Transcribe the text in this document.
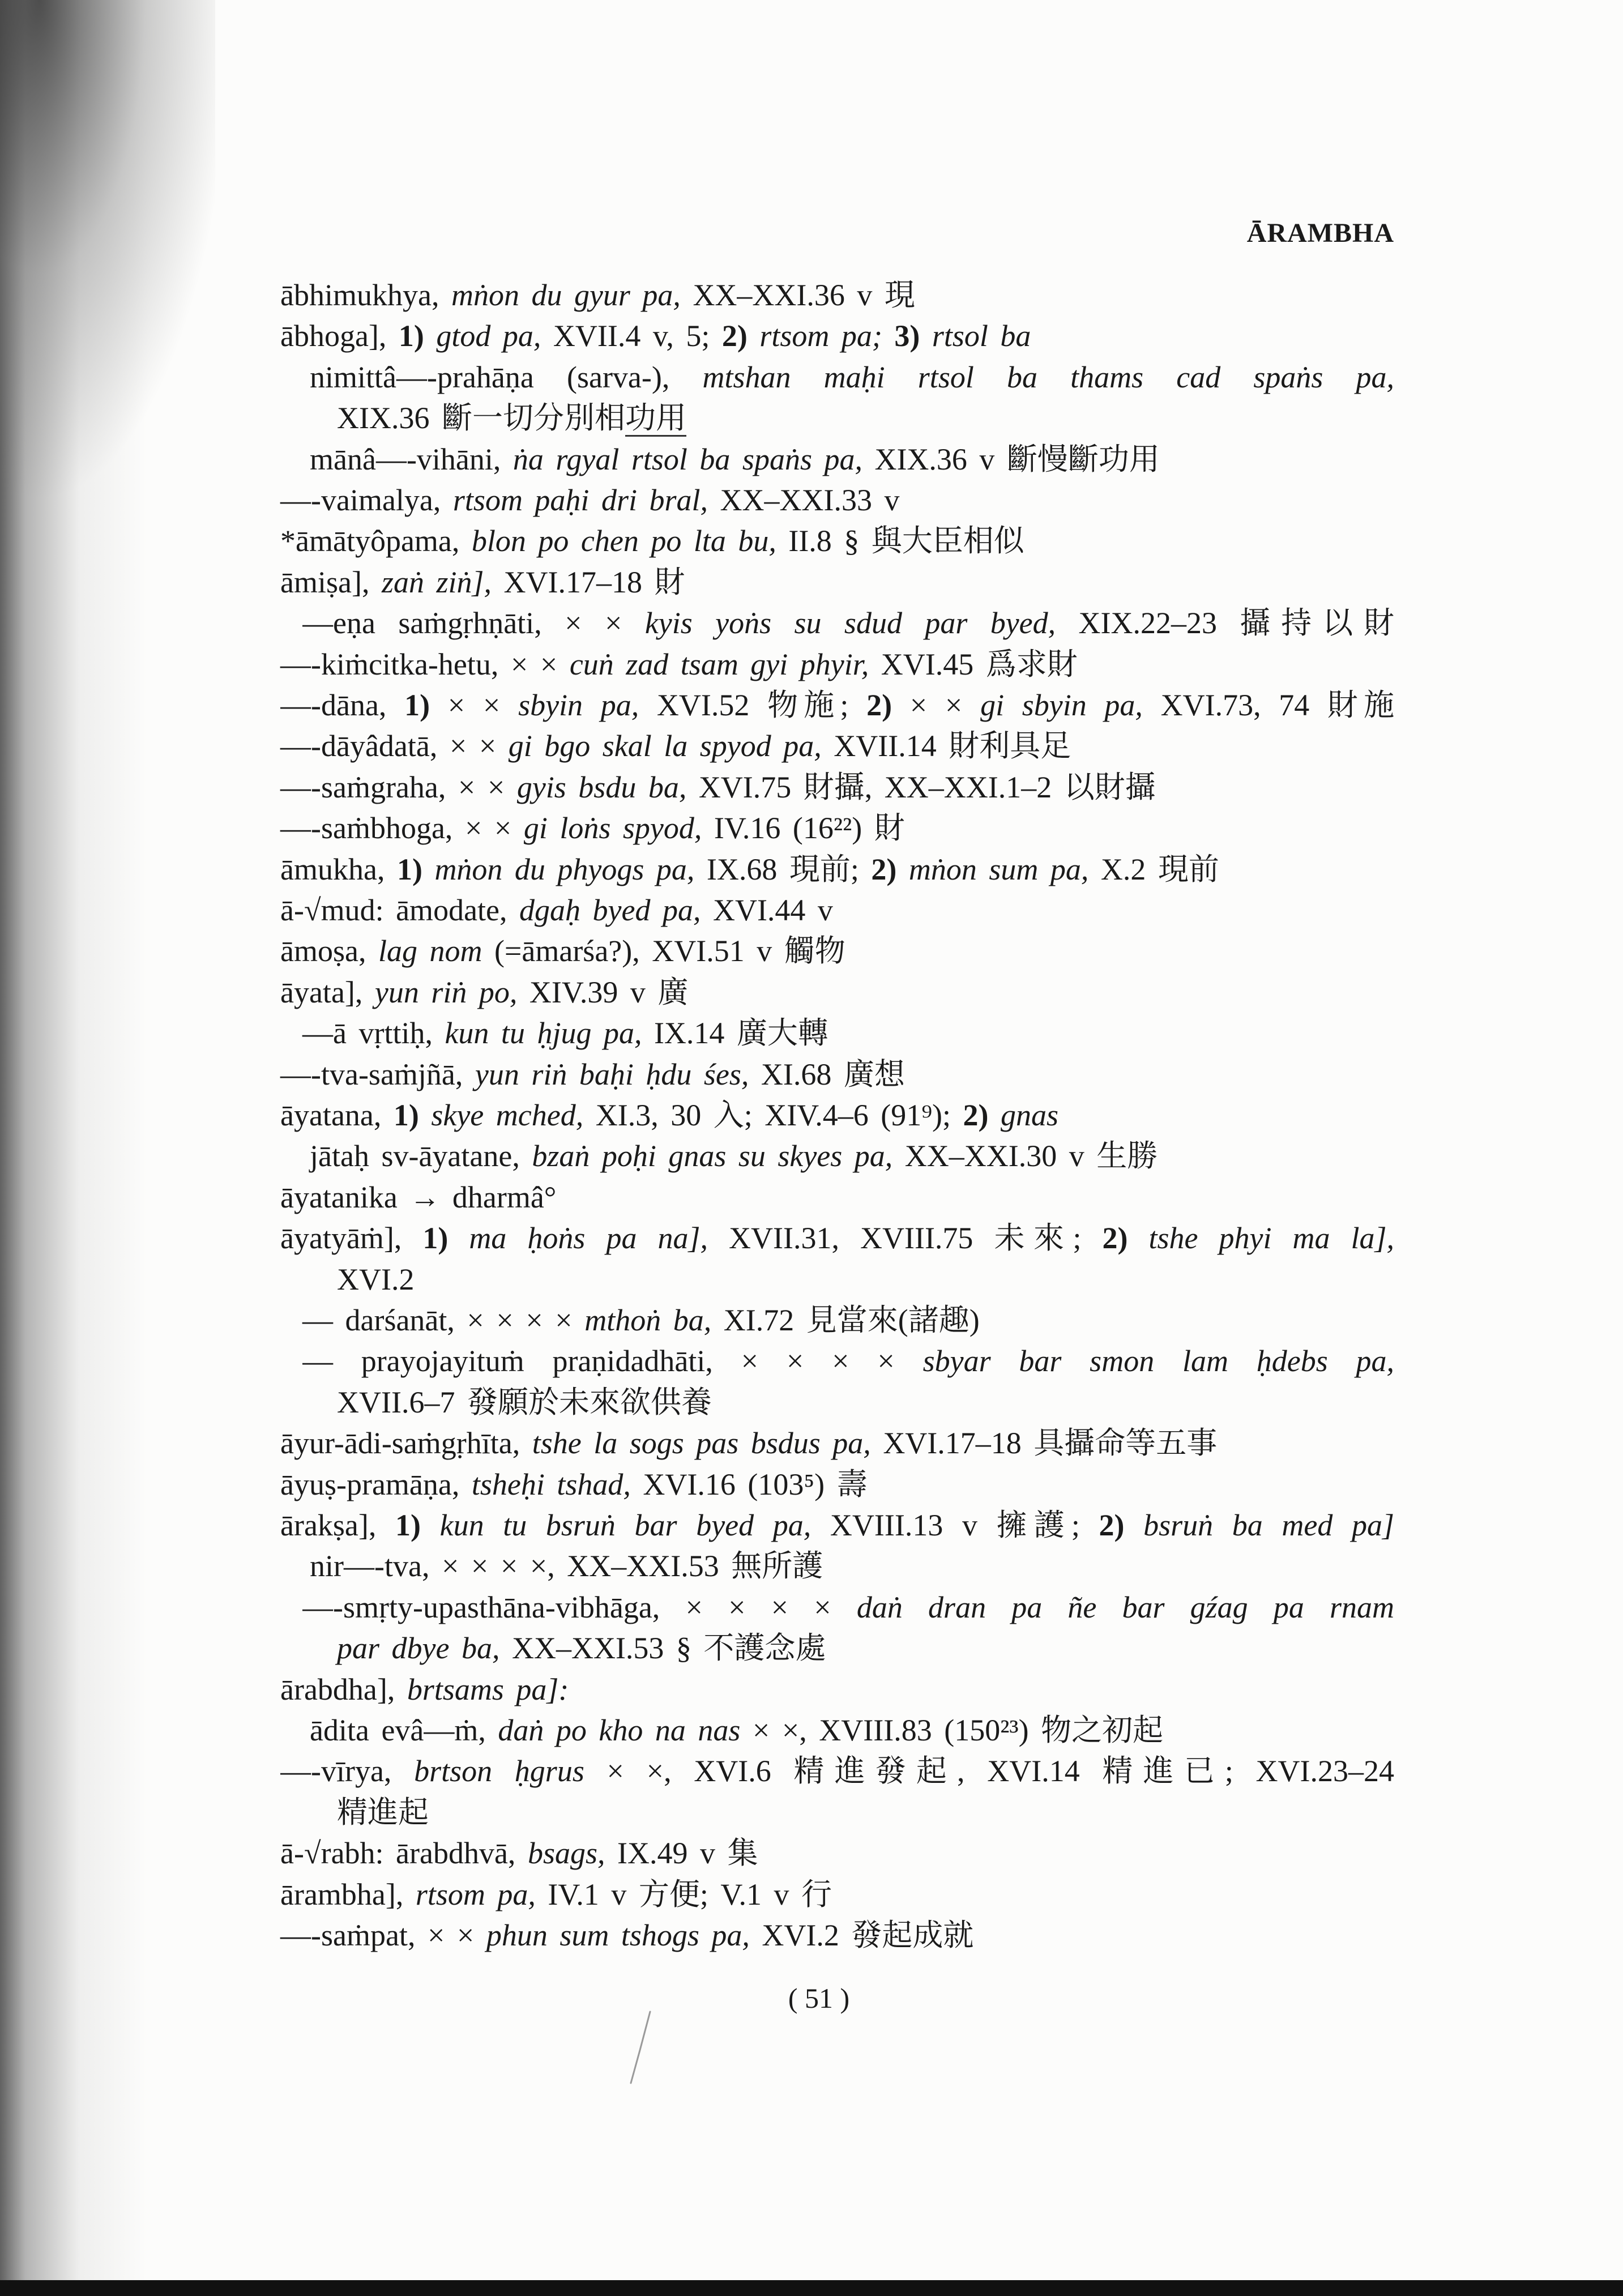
ĀRAMBHA
ābhimukhya, mṅon du gyur pa, XX–XXI.36 v 現
ābhoga], 1) gtod pa, XVII.4 v, 5; 2) rtsom pa; 3) rtsol ba
nimittâ—-prahāṇa (sarva-), mtshan maḥi rtsol ba thams cad spaṅs pa,
XIX.36 斷一切分別相功用
mānâ—-vihāni, ṅa rgyal rtsol ba spaṅs pa, XIX.36 v 斷慢斷功用
—-vaimalya, rtsom paḥi dri bral, XX–XXI.33 v
*āmātyôpama, blon po chen po lta bu, II.8 § 與大臣相似
āmiṣa], zaṅ ziṅ], XVI.17–18 財
—eṇa saṁgṛhṇāti, × × kyis yoṅs su sdud par byed, XIX.22–23 攝持以財
—-kiṁcitka-hetu, × × cuṅ zad tsam gyi phyir, XVI.45 爲求財
—-dāna, 1) × × sbyin pa, XVI.52 物施; 2) × × gi sbyin pa, XVI.73, 74 財施
—-dāyâdatā, × × gi bgo skal la spyod pa, XVII.14 財利具足
—-saṁgraha, × × gyis bsdu ba, XVI.75 財攝, XX–XXI.1–2 以財攝
—-saṁbhoga, × × gi loṅs spyod, IV.16 (16²²) 財
āmukha, 1) mṅon du phyogs pa, IX.68 現前; 2) mṅon sum pa, X.2 現前
ā-√mud: āmodate, dgaḥ byed pa, XVI.44 v
āmoṣa, lag nom (=āmarśa?), XVI.51 v 觸物
āyata], yun riṅ po, XIV.39 v 廣
—ā vṛttiḥ, kun tu ḥjug pa, IX.14 廣大轉
—-tva-saṁjñā, yun riṅ baḥi ḥdu śes, XI.68 廣想
āyatana, 1) skye mched, XI.3, 30 入; XIV.4–6 (91⁹); 2) gnas
jātaḥ sv-āyatane, bzaṅ poḥi gnas su skyes pa, XX–XXI.30 v 生勝
āyatanika → dharmâ°
āyatyāṁ], 1) ma ḥoṅs pa na], XVII.31, XVIII.75 未來; 2) tshe phyi ma la],
XVI.2
— darśanāt, × × × × mthoṅ ba, XI.72 見當來(諸趣)
— prayojayituṁ praṇidadhāti, × × × × sbyar bar smon lam ḥdebs pa,
XVII.6–7 發願於未來欲供養
āyur-ādi-saṁgṛhīta, tshe la sogs pas bsdus pa, XVI.17–18 具攝命等五事
āyuṣ-pramāṇa, tsheḥi tshad, XVI.16 (103⁵) 壽
ārakṣa], 1) kun tu bsruṅ bar byed pa, XVIII.13 v 擁護; 2) bsruṅ ba med pa]
nir—-tva, × × × ×, XX–XXI.53 無所護
—-smṛty-upasthāna-vibhāga, × × × × daṅ dran pa ñe bar gźag pa rnam
par dbye ba, XX–XXI.53 § 不護念處
ārabdha], brtsams pa]:
ādita evâ—ṁ, daṅ po kho na nas × ×, XVIII.83 (150²³) 物之初起
—-vīrya, brtson ḥgrus × ×, XVI.6 精進發起, XVI.14 精進已; XVI.23–24
精進起
ā-√rabh: ārabdhvā, bsags, IX.49 v 集
ārambha], rtsom pa, IV.1 v 方便; V.1 v 行
—-saṁpat, × × phun sum tshogs pa, XVI.2 發起成就
( 51 )
